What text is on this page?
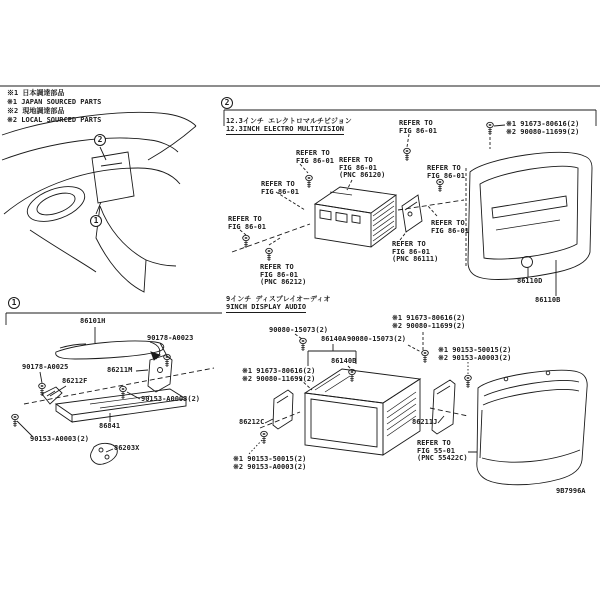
※1 日本調達部品
※1 JAPAN SOURCED PARTS
※2 現地調達部品
※2 LOCAL SOURCED PARTS
2
1
2
1
12.3インチ エレクトロマルチビジョン
12.3INCH ELECTRO MULTIVISION
9インチ ディスプレイオーディオ
9INCH DISPLAY AUDIO
REFER TO
FIG 86-01 REFER TO
FIG 86-01
(PNC 86120)
REFER TO
FIG 86-01
※1 91673-80616(2)
※2 90080-11699(2)
REFER TO
FIG 86-01
REFER TO
FIG 86-01
REFER TO
FIG 86-01
REFER TO
FIG 86-01
REFER TO
FIG 86-01
(PNC 86212)
REFER TO
FIG 86-01
(PNC 86111)
86110D
86110B
86101H
90178-A0023
90178-A0025	86211M
86212F
90153-A0003(2)
86841
90153-A0003(2)
86203X
90080-15073(2)
86140A 90080-15073(2)
86140B
※1 91673-80616(2)
※2 90080-11699(2)
※1 91673-80616(2)
※2 90080-11699(2)
※1 90153-50015(2)
※2 90153-A0003(2)
86212C	86211J
※1 90153-50015(2)
※2 90153-A0003(2)
REFER TO
FIG 55-01
(PNC 55422C)
9B7996A
